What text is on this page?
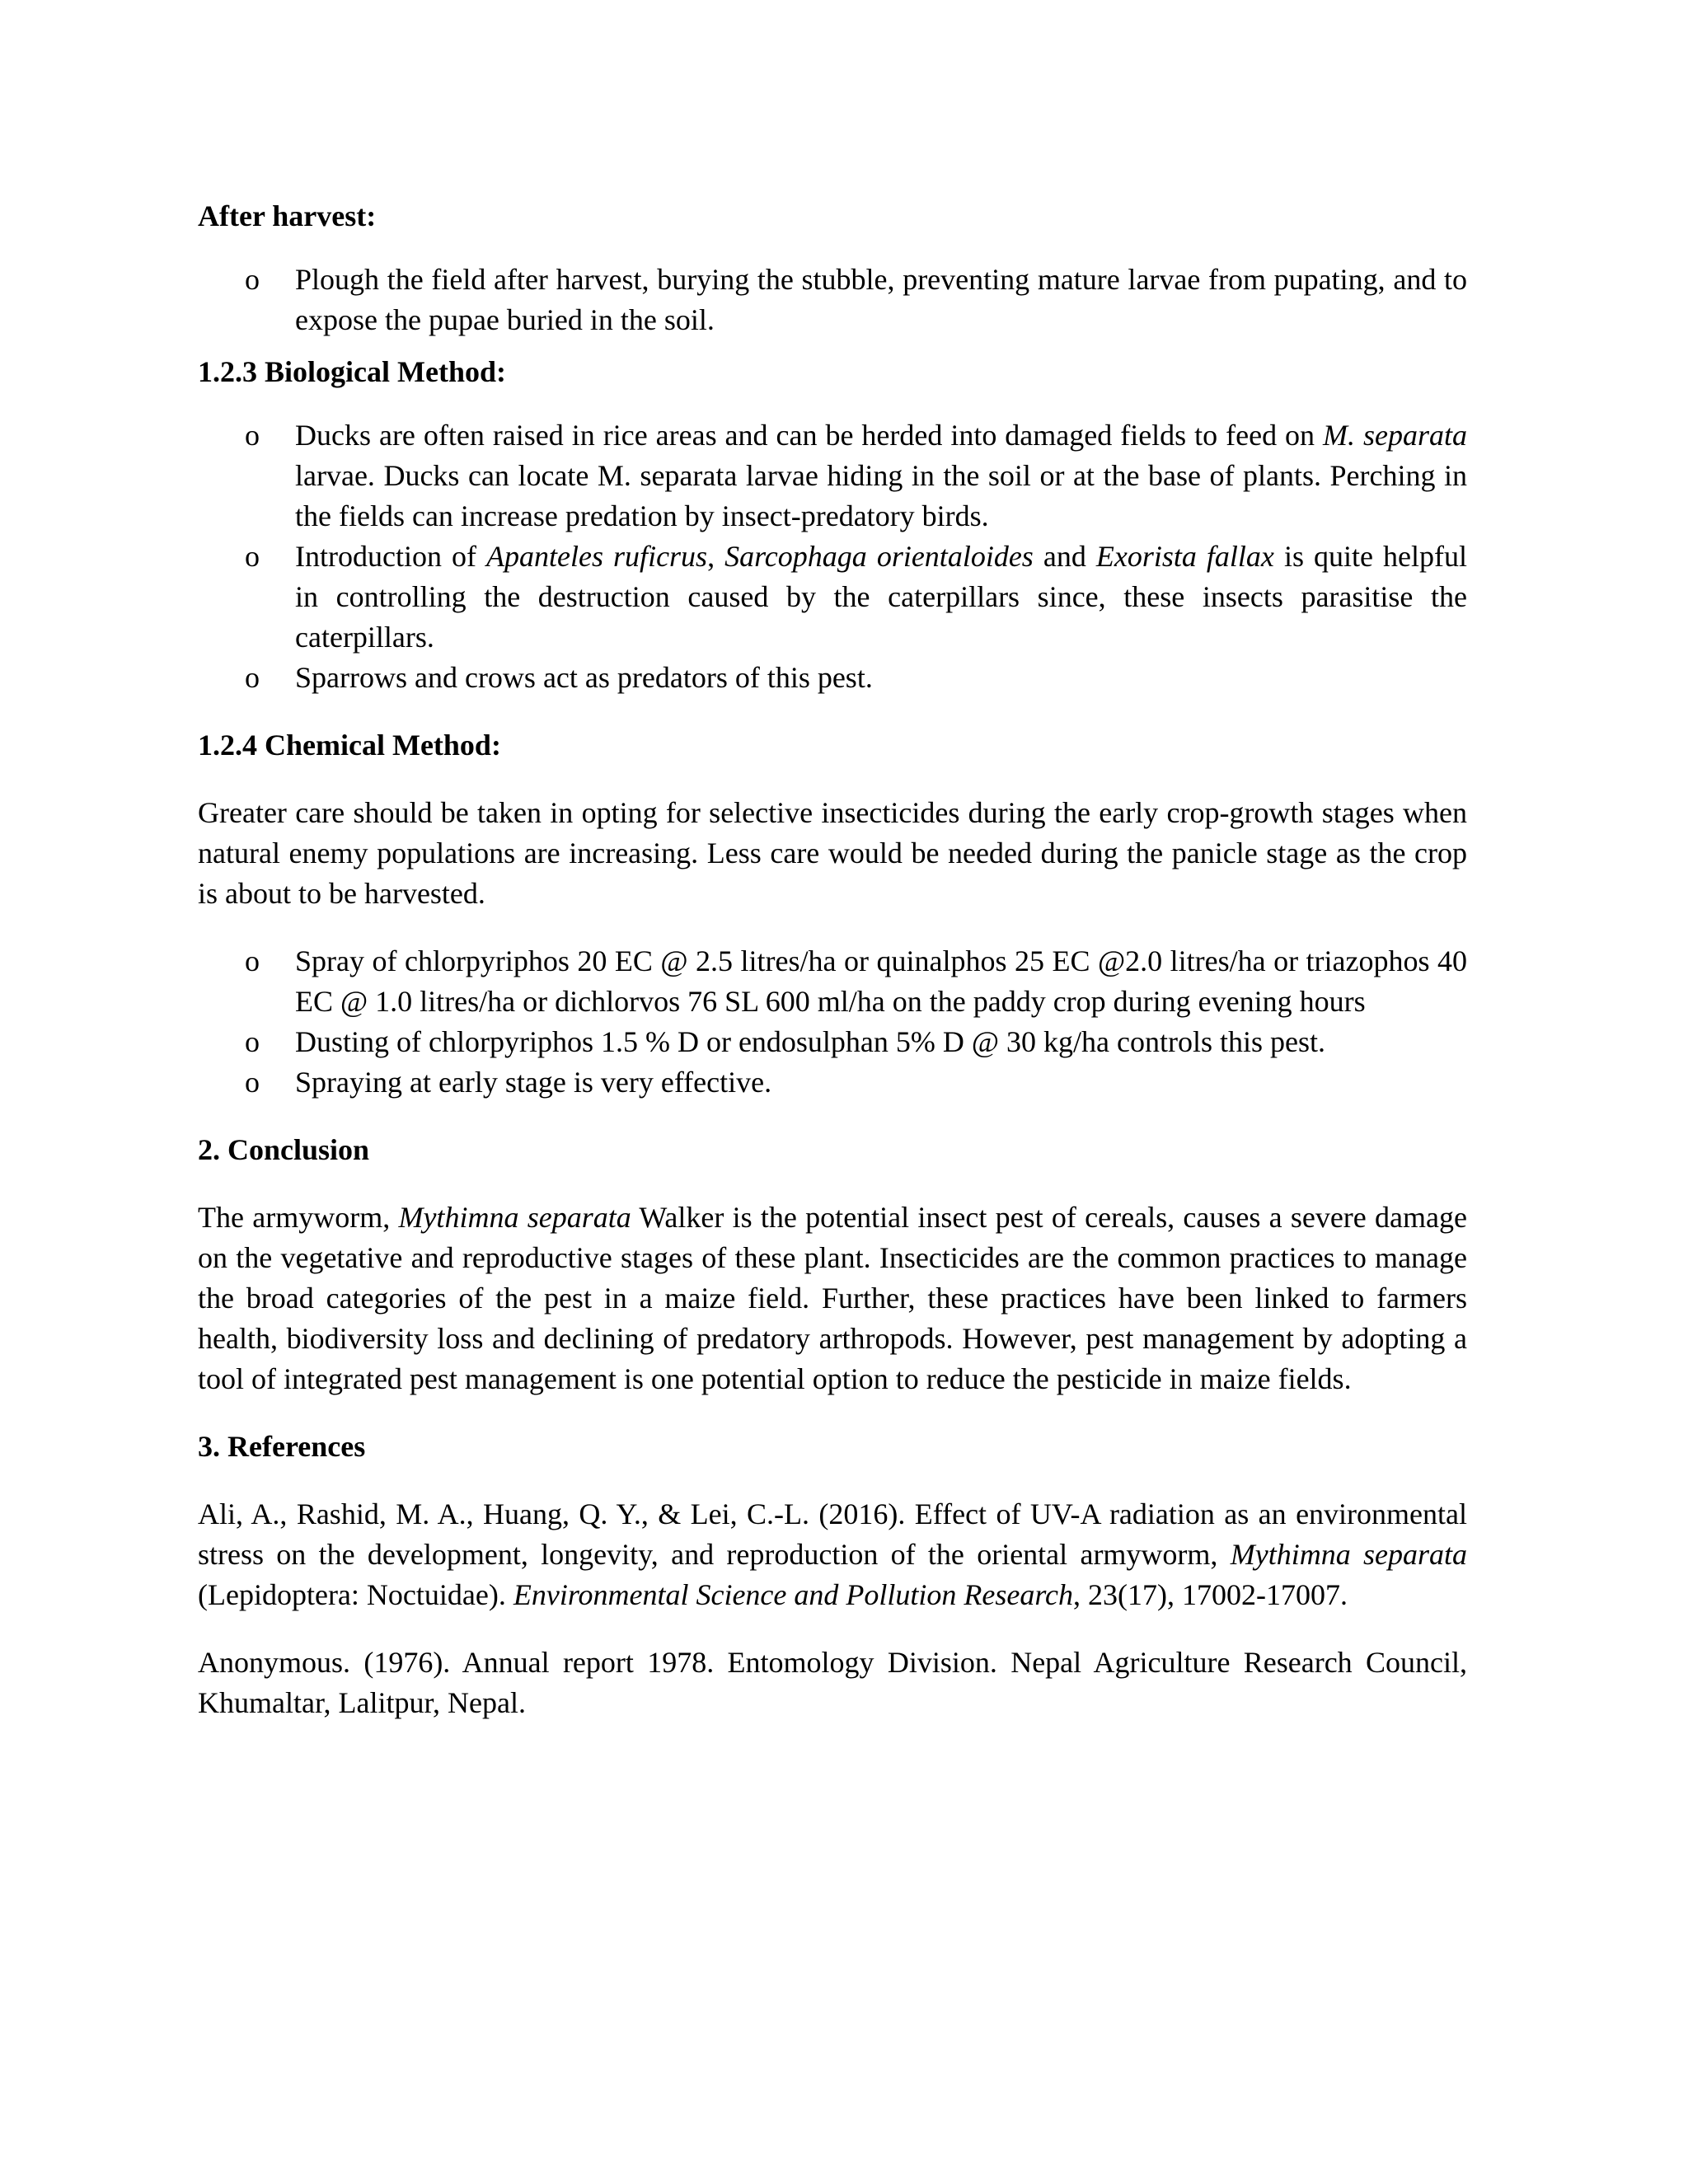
After harvest:

o Plough the field after harvest, burying the stubble, preventing mature larvae from pupating, and to expose the pupae buried in the soil.

1.2.3 Biological Method:

o Ducks are often raised in rice areas and can be herded into damaged fields to feed on M. separata larvae. Ducks can locate M. separata larvae hiding in the soil or at the base of plants. Perching in the fields can increase predation by insect-predatory birds.
o Introduction of Apanteles ruficrus, Sarcophaga orientaloides and Exorista fallax is quite helpful in controlling the destruction caused by the caterpillars since, these insects parasitise the caterpillars.
o Sparrows and crows act as predators of this pest.

1.2.4 Chemical Method:

Greater care should be taken in opting for selective insecticides during the early crop-growth stages when natural enemy populations are increasing. Less care would be needed during the panicle stage as the crop is about to be harvested.

o Spray of chlorpyriphos 20 EC @ 2.5 litres/ha or quinalphos 25 EC @2.0 litres/ha or triazophos 40 EC @ 1.0 litres/ha or dichlorvos 76 SL 600 ml/ha on the paddy crop during evening hours
o Dusting of chlorpyriphos 1.5 % D or endosulphan 5% D @ 30 kg/ha controls this pest.
o Spraying at early stage is very effective.

2. Conclusion

The armyworm, Mythimna separata Walker is the potential insect pest of cereals, causes a severe damage on the vegetative and reproductive stages of these plant. Insecticides are the common practices to manage the broad categories of the pest in a maize field. Further, these practices have been linked to farmers health, biodiversity loss and declining of predatory arthropods. However, pest management by adopting a tool of integrated pest management is one potential option to reduce the pesticide in maize fields.

3. References

Ali, A., Rashid, M. A., Huang, Q. Y., & Lei, C.-L. (2016). Effect of UV-A radiation as an environmental stress on the development, longevity, and reproduction of the oriental armyworm, Mythimna separata (Lepidoptera: Noctuidae). Environmental Science and Pollution Research, 23(17), 17002-17007.

Anonymous. (1976). Annual report 1978. Entomology Division. Nepal Agriculture Research Council, Khumaltar, Lalitpur, Nepal.
